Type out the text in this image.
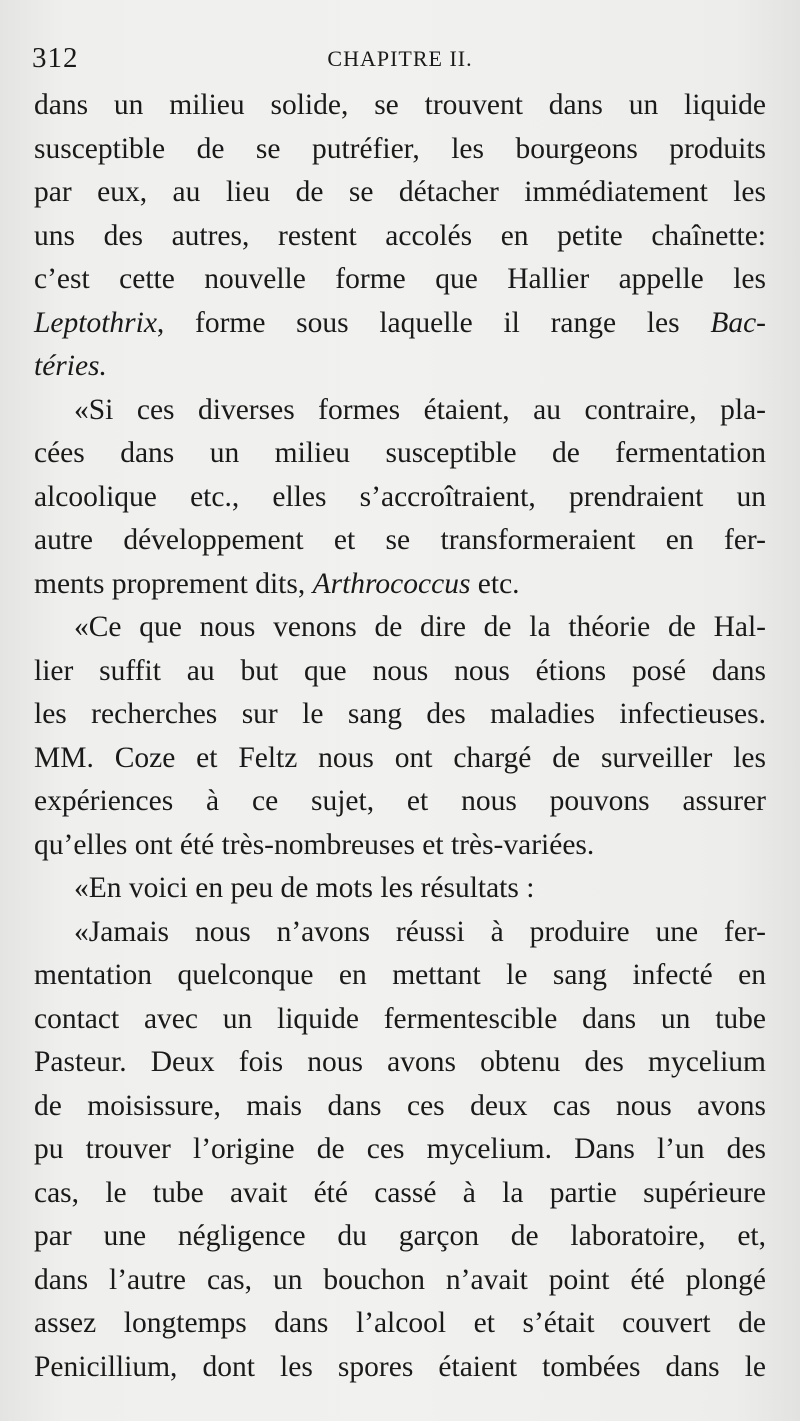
312	CHAPITRE II.
dans un milieu solide, se trouvent dans un liquide
susceptible de se putréfier, les bourgeons produits
par eux, au lieu de se détacher immédiatement les
uns des autres, restent accolés en petite chaînette:
c’est cette nouvelle forme que Hallier appelle les
Leptothrix, forme sous laquelle il range les Bac-
téries.
«Si ces diverses formes étaient, au contraire, pla-
cées dans un milieu susceptible de fermentation
alcoolique etc., elles s’accroîtraient, prendraient un
autre développement et se transformeraient en fer-
ments proprement dits, Arthrococcus etc.
«Ce que nous venons de dire de la théorie de Hal-
lier suffit au but que nous nous étions posé dans
les recherches sur le sang des maladies infectieuses.
MM. Coze et Feltz nous ont chargé de surveiller les
expériences à ce sujet, et nous pouvons assurer
qu’elles ont été très-nombreuses et très-variées.
«En voici en peu de mots les résultats :
«Jamais nous n’avons réussi à produire une fer-
mentation quelconque en mettant le sang infecté en
contact avec un liquide fermentescible dans un tube
Pasteur. Deux fois nous avons obtenu des mycelium
de moisissure, mais dans ces deux cas nous avons
pu trouver l’origine de ces mycelium. Dans l’un des
cas, le tube avait été cassé à la partie supérieure
par une négligence du garçon de laboratoire, et,
dans l’autre cas, un bouchon n’avait point été plongé
assez longtemps dans l’alcool et s’était couvert de
Penicillium, dont les spores étaient tombées dans le
